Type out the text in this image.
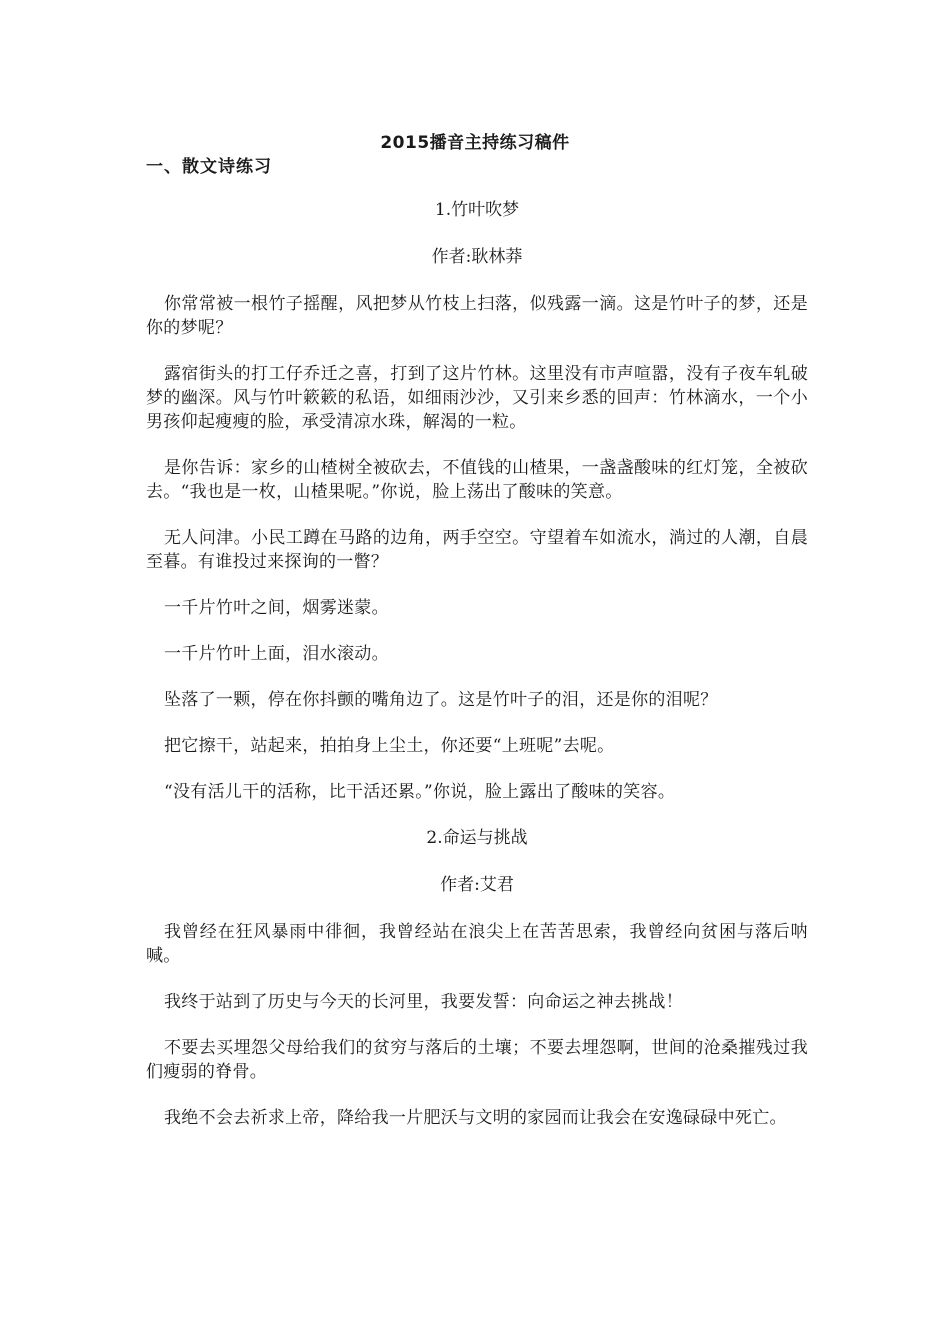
2015播音主持练习稿件
一、散文诗练习
1.竹叶吹梦
作者:耿林莽

你常常被一根竹子摇醒，风把梦从竹枝上扫落，似残露一滴。这是竹叶子的梦，还是你的梦呢？

露宿街头的打工仔乔迁之喜，打到了这片竹林。这里没有市声喧嚣，没有子夜车轧破梦的幽深。风与竹叶簌簌的私语，如细雨沙沙，又引来乡悉的回声：竹林滴水，一个小男孩仰起瘦瘦的脸，承受清凉水珠，解渴的一粒。

是你告诉：家乡的山楂树全被砍去，不值钱的山楂果，一盏盏酸味的红灯笼，全被砍去。“我也是一枚，山楂果呢。”你说，脸上荡出了酸味的笑意。

无人问津。小民工蹲在马路的边角，两手空空。守望着车如流水，淌过的人潮，自晨至暮。有谁投过来探询的一瞥？

一千片竹叶之间，烟雾迷蒙。

一千片竹叶上面，泪水滚动。

坠落了一颗，停在你抖颤的嘴角边了。这是竹叶子的泪，还是你的泪呢？

把它擦干，站起来，拍拍身上尘土，你还要“上班呢”去呢。

“没有活儿干的活称，比干活还累。”你说，脸上露出了酸味的笑容。

2.命运与挑战
作者:艾君

我曾经在狂风暴雨中徘徊，我曾经站在浪尖上在苦苦思索，我曾经向贫困与落后呐喊。

我终于站到了历史与今天的长河里，我要发誓：向命运之神去挑战！

不要去买埋怨父母给我们的贫穷与落后的土壤；不要去埋怨啊，世间的沧桑摧残过我们瘦弱的脊骨。

我绝不会去祈求上帝，降给我一片肥沃与文明的家园而让我会在安逸碌碌中死亡。
